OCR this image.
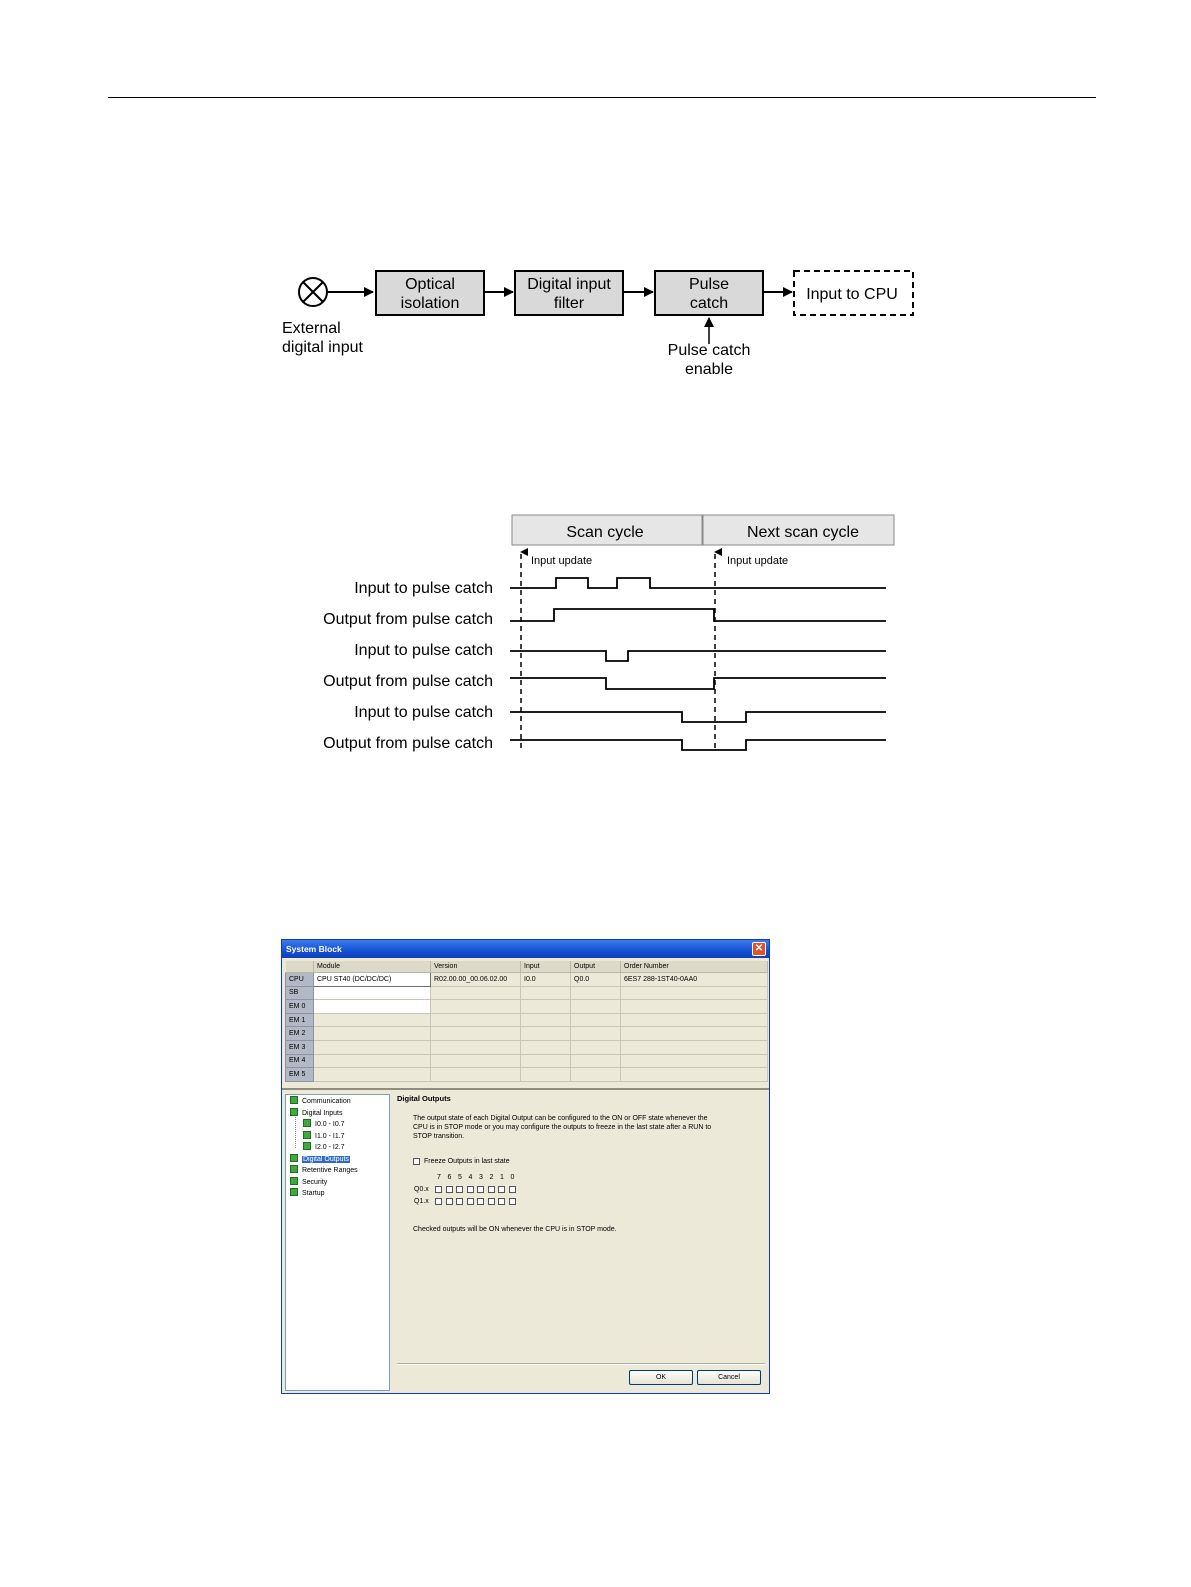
External
digital input
Optical
isolation
Digital input
filter
Pulse
catch
Input to CPU
Pulse catch
enable
Scan cycle	Next scan cycle
Input update	Input update
Input to pulse catch
Output from pulse catch
Input to pulse catch
Output from pulse catch
Input to pulse catch
Output from pulse catch
System Block	✕
	Module	Version	Input	Output	Order Number
CPU	CPU ST40 (DC/DC/DC)	R02.00.00_00.06.02.00	I0.0	Q0.0	6ES7 288-1ST40-0AA0
SB					
EM 0					
EM 1					
EM 2					
EM 3					
EM 4					
EM 5					
Communication
Digital Inputs
I0.0 - I0.7
I1.0 - I1.7
I2.0 - I2.7
Digital Outputs
Retentive Ranges
Security
Startup
Digital Outputs
The output state of each Digital Output can be configured to the ON or OFF state whenever the CPU is in STOP mode or you may configure the outputs to freeze in the last state after a RUN to STOP transition.
Freeze Outputs in last state
7 6 5 4 3 2 1 0
Q0.x
Q1.x
Checked outputs will be ON whenever the CPU is in STOP mode.
OK	Cancel
